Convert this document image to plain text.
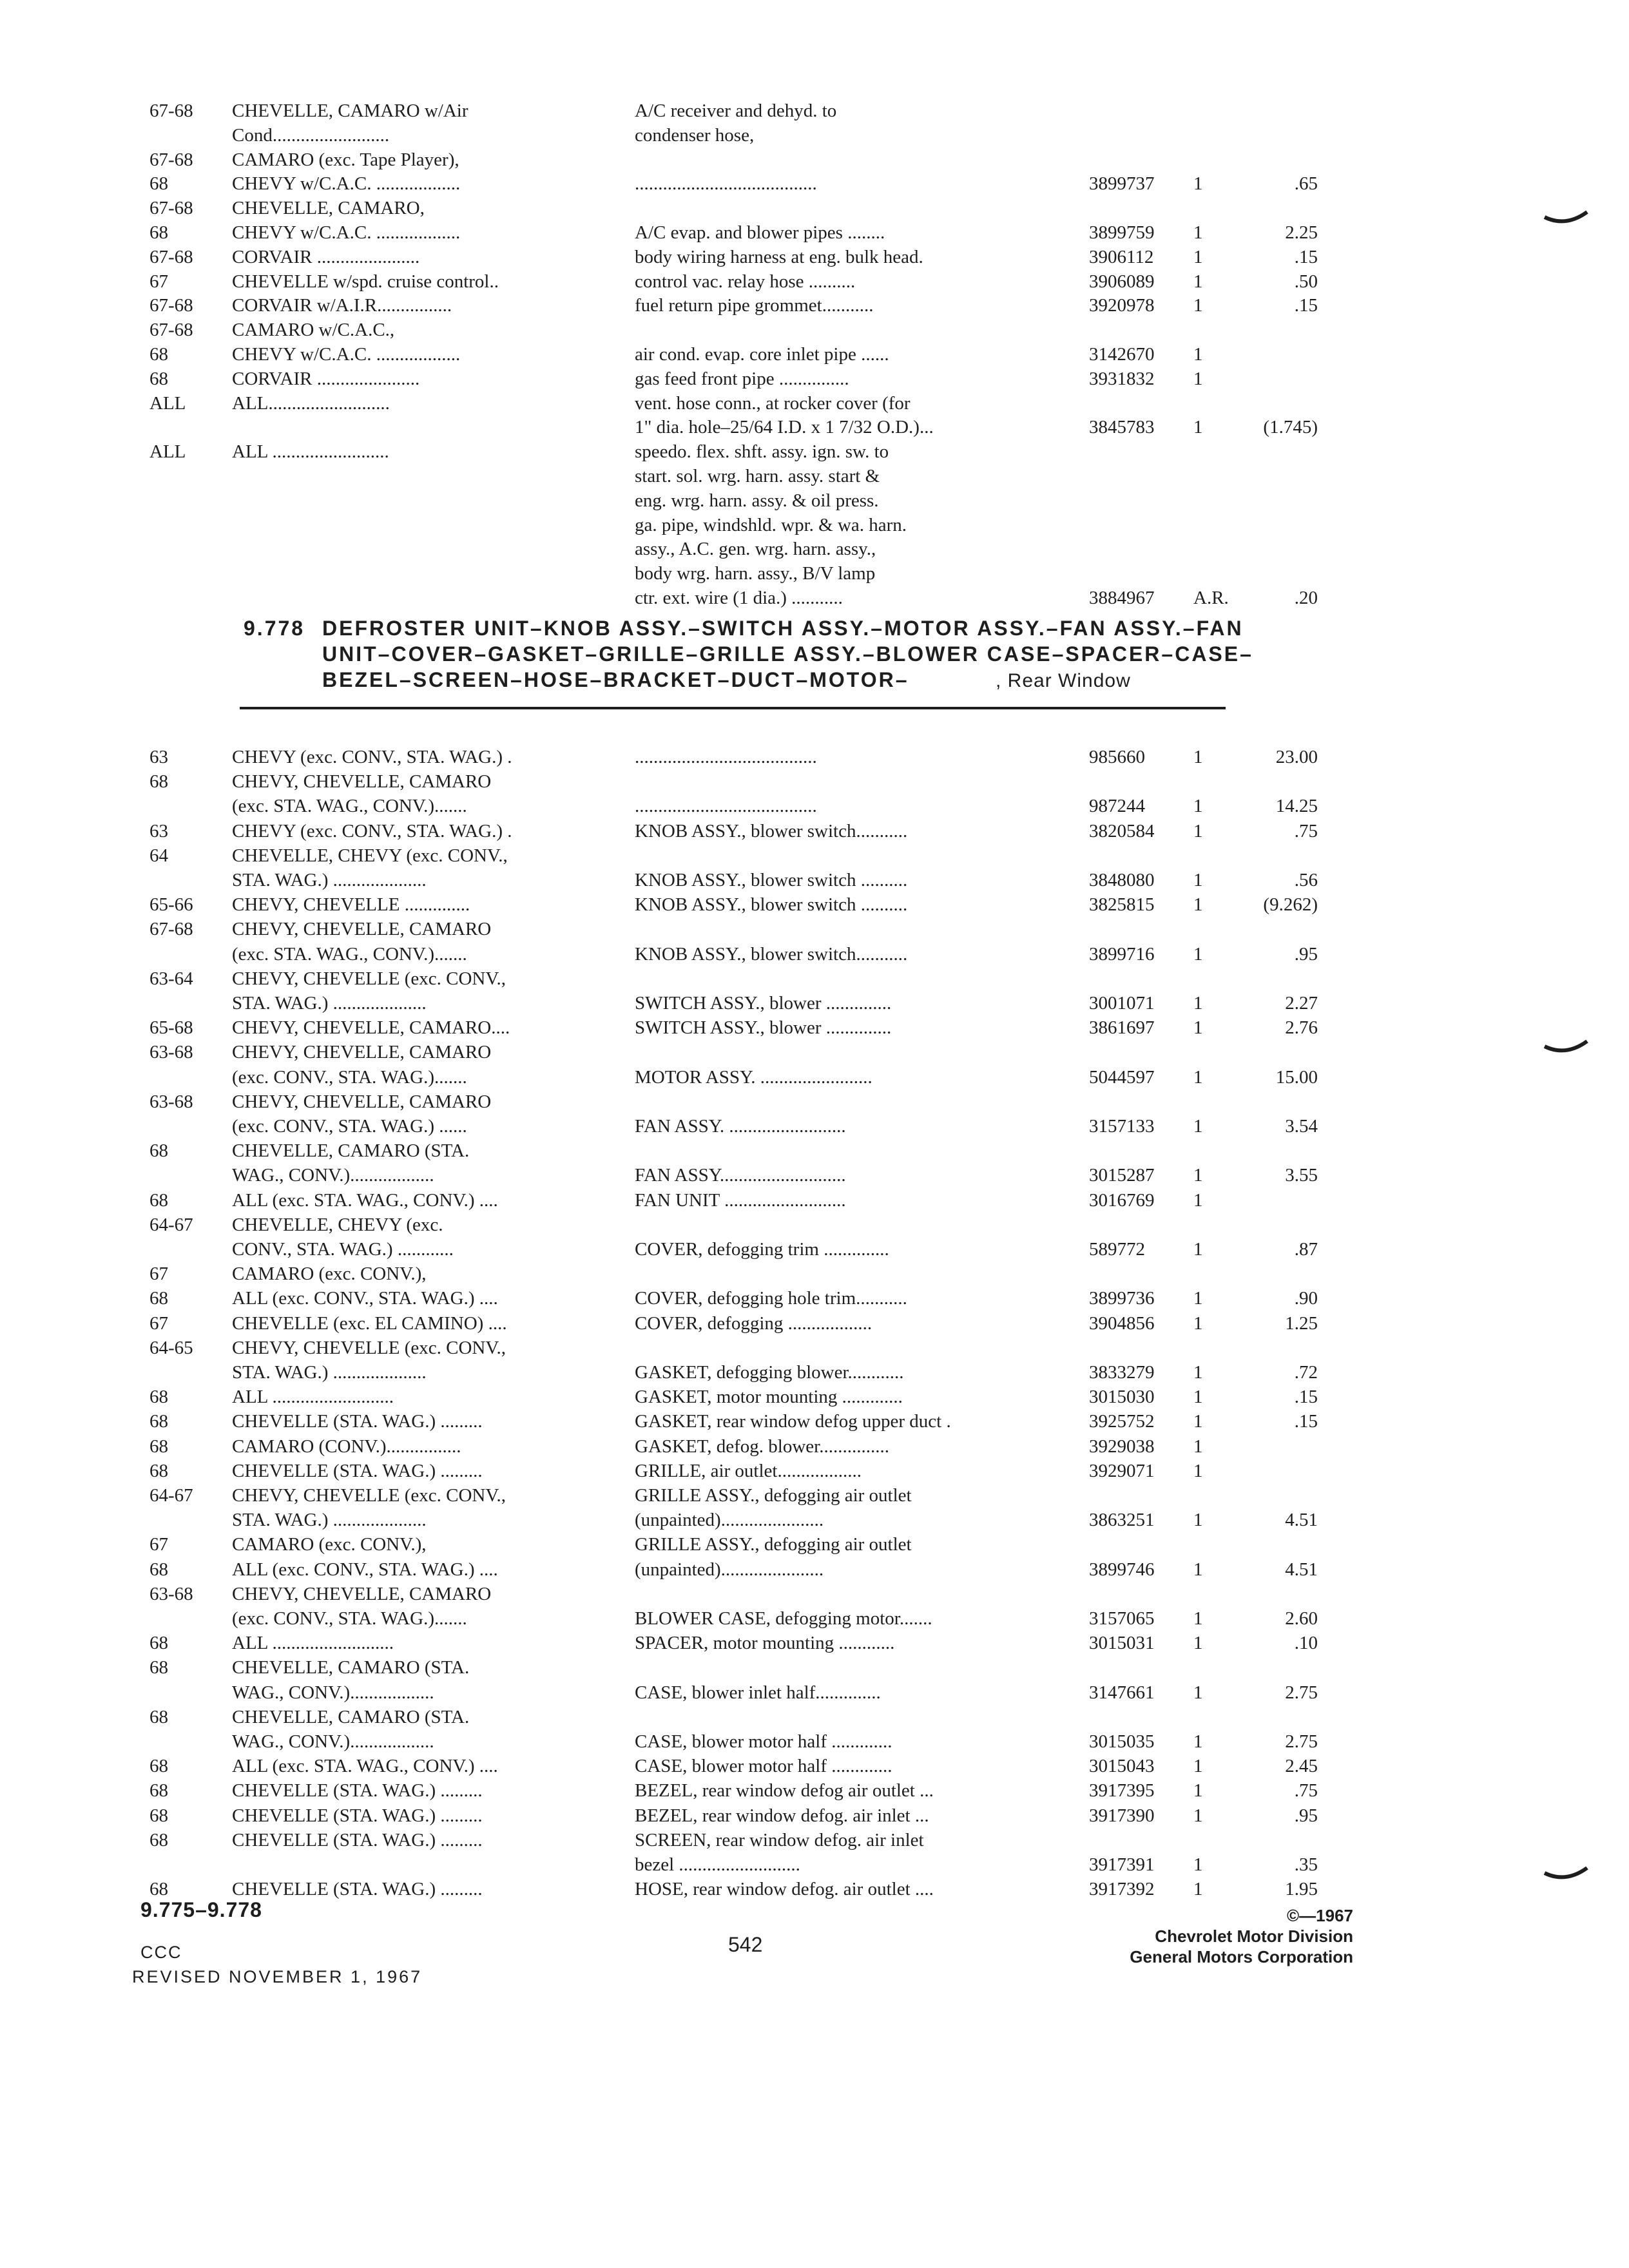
67-68 CHEVELLE, CAMARO w/Air	A/C receiver and dehyd. to
Cond.........................	condenser hose,
67-68 CAMARO (exc. Tape Player),
68	CHEVY w/C.A.C. ..................	.......................................	3899737 1	.65
67-68 CHEVELLE, CAMARO,
68	CHEVY w/C.A.C. ..................	A/C evap. and blower pipes ........	3899759 1	2.25
67-68 CORVAIR ......................	body wiring harness at eng. bulk head.	3906112 1	.15
67	CHEVELLE w/spd. cruise control..	control vac. relay hose ..........	3906089 1	.50
67-68 CORVAIR w/A.I.R................	fuel return pipe grommet...........	3920978 1	.15
67-68 CAMARO w/C.A.C.,
68	CHEVY w/C.A.C. ..................	air cond. evap. core inlet pipe ......	3142670 1
68	CORVAIR ......................	gas feed front pipe ...............	3931832 1
ALL ALL..........................	vent. hose conn., at rocker cover (for
1" dia. hole–25/64 I.D. x 1 7/32 O.D.)...	3845783 1	(1.745)
ALL ALL .........................	speedo. flex. shft. assy. ign. sw. to
start. sol. wrg. harn. assy. start &
eng. wrg. harn. assy. & oil press.
ga. pipe, windshld. wpr. & wa. harn.
assy., A.C. gen. wrg. harn. assy.,
body wrg. harn. assy., B/V lamp
ctr. ext. wire (1 dia.) ...........	3884967 A.R.	.20
9.778 DEFROSTER UNIT–KNOB ASSY.–SWITCH ASSY.–MOTOR ASSY.–FAN ASSY.–FAN
UNIT–COVER–GASKET–GRILLE–GRILLE ASSY.–BLOWER CASE–SPACER–CASE–
BEZEL–SCREEN–HOSE–BRACKET–DUCT–MOTOR–	, Rear Window
63	CHEVY (exc. CONV., STA. WAG.) .	.......................................	985660	1	23.00
68	CHEVY, CHEVELLE, CAMARO
(exc. STA. WAG., CONV.).......	.......................................	987244	1	14.25
63	CHEVY (exc. CONV., STA. WAG.) .	KNOB ASSY., blower switch...........	3820584 1	.75
64	CHEVELLE, CHEVY (exc. CONV.,
STA. WAG.) ....................	KNOB ASSY., blower switch ..........	3848080 1	.56
65-66 CHEVY, CHEVELLE ..............	KNOB ASSY., blower switch ..........	3825815 1	(9.262)
67-68 CHEVY, CHEVELLE, CAMARO
(exc. STA. WAG., CONV.).......	KNOB ASSY., blower switch...........	3899716 1	.95
63-64 CHEVY, CHEVELLE (exc. CONV.,
STA. WAG.) ....................	SWITCH ASSY., blower ..............	3001071 1	2.27
65-68 CHEVY, CHEVELLE, CAMARO....	SWITCH ASSY., blower ..............	3861697 1	2.76
63-68 CHEVY, CHEVELLE, CAMARO
(exc. CONV., STA. WAG.).......	MOTOR ASSY. ........................	5044597 1	15.00
63-68 CHEVY, CHEVELLE, CAMARO
(exc. CONV., STA. WAG.) ......	FAN ASSY. .........................	3157133 1	3.54
68	CHEVELLE, CAMARO (STA.
WAG., CONV.)..................	FAN ASSY...........................	3015287 1	3.55
68	ALL (exc. STA. WAG., CONV.) ....	FAN UNIT ..........................	3016769 1
64-67 CHEVELLE, CHEVY (exc.
CONV., STA. WAG.) ............	COVER, defogging trim ..............	589772	1	.87
67	CAMARO (exc. CONV.),
68	ALL (exc. CONV., STA. WAG.) ....	COVER, defogging hole trim...........	3899736 1	.90
67	CHEVELLE (exc. EL CAMINO) ....	COVER, defogging ..................	3904856 1	1.25
64-65 CHEVY, CHEVELLE (exc. CONV.,
STA. WAG.) ....................	GASKET, defogging blower............	3833279 1	.72
68	ALL ..........................	GASKET, motor mounting .............	3015030 1	.15
68	CHEVELLE (STA. WAG.) .........	GASKET, rear window defog upper duct .	3925752 1	.15
68	CAMARO (CONV.)................	GASKET, defog. blower...............	3929038 1
68	CHEVELLE (STA. WAG.) .........	GRILLE, air outlet..................	3929071 1
64-67 CHEVY, CHEVELLE (exc. CONV.,	GRILLE ASSY., defogging air outlet
STA. WAG.) ....................	(unpainted)......................	3863251 1	4.51
67	CAMARO (exc. CONV.),	GRILLE ASSY., defogging air outlet
68	ALL (exc. CONV., STA. WAG.) ....	(unpainted)......................	3899746 1	4.51
63-68 CHEVY, CHEVELLE, CAMARO
(exc. CONV., STA. WAG.).......	BLOWER CASE, defogging motor.......	3157065 1	2.60
68	ALL ..........................	SPACER, motor mounting ............	3015031 1	.10
68	CHEVELLE, CAMARO (STA.
WAG., CONV.)..................	CASE, blower inlet half..............	3147661 1	2.75
68	CHEVELLE, CAMARO (STA.
WAG., CONV.)..................	CASE, blower motor half .............	3015035 1	2.75
68	ALL (exc. STA. WAG., CONV.) ....	CASE, blower motor half .............	3015043 1	2.45
68	CHEVELLE (STA. WAG.) .........	BEZEL, rear window defog air outlet ...	3917395 1	.75
68	CHEVELLE (STA. WAG.) .........	BEZEL, rear window defog. air inlet ...	3917390 1	.95
68	CHEVELLE (STA. WAG.) .........	SCREEN, rear window defog. air inlet
bezel ..........................	3917391 1	.35
68	CHEVELLE (STA. WAG.) .........	HOSE, rear window defog. air outlet ....	3917392 1	1.95
9.775–9.778
CCC
REVISED NOVEMBER 1, 1967
542
©—1967
Chevrolet Motor Division
General Motors Corporation
